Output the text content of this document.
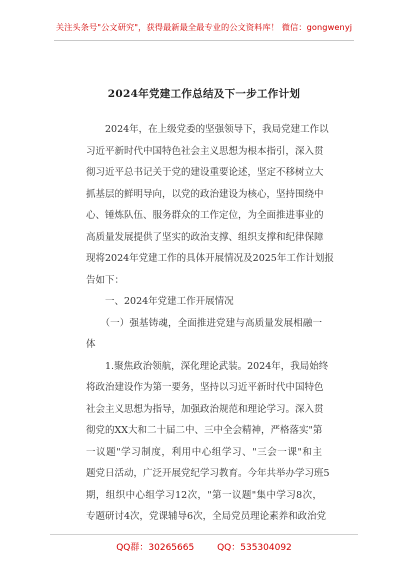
关注头条号"公文研究"，获得最新最全最专业的公文资料库！ 微信：gongwenyj
2024年党建工作总结及下一步工作计划
　　2024年，在上级党委的坚强领导下，我局党建工作以
习近平新时代中国特色社会主义思想为根本指引，深入贯
彻习近平总书记关于党的建设重要论述，坚定不移树立大
抓基层的鲜明导向，以党的政治建设为核心，坚持围绕中
心、锤炼队伍、服务群众的工作定位，为全面推进事业的
高质量发展提供了坚实的政治支撑、组织支撑和纪律保障
现将2024年党建工作的具体开展情况及2025年工作计划报
告如下：
　　一、2024年党建工作开展情况
　　（一）强基铸魂，全面推进党建与高质量发展相融一
体
　　1.聚焦政治领航，深化理论武装。2024年，我局始终
将政治建设作为第一要务，坚持以习近平新时代中国特色
社会主义思想为指导，加强政治规范和理论学习。深入贯
彻党的XX大和二十届二中、三中全会精神，严格落实"第
一议题"学习制度，利用中心组学习、"三会一课"和主
题党日活动，广泛开展党纪学习教育。今年共举办学习班5
期，组织中心组学习12次，"第一议题"集中学习8次，
专题研讨4次，党课辅导6次，全局党员理论素养和政治党
QQ群：30265665	QQ：535304092
